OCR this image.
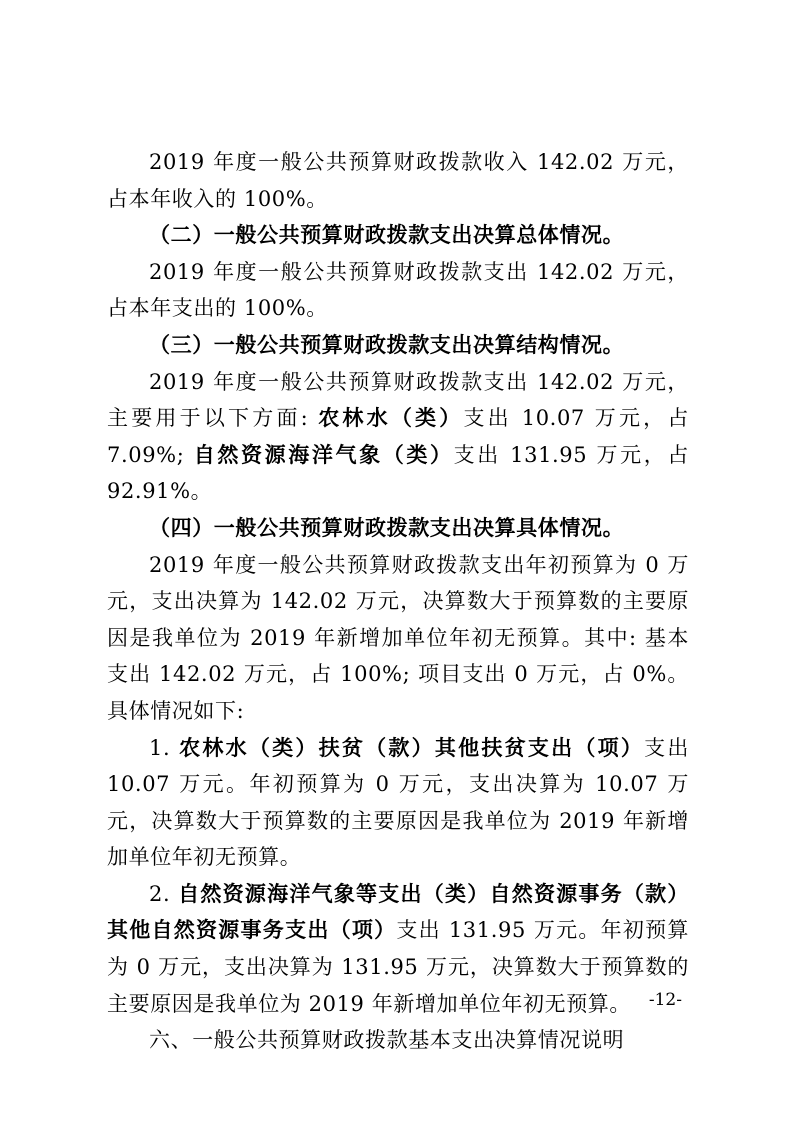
2019 年度一般公共预算财政拨款收入 142.02 万元，占本年收入的 100%。

（二）一般公共预算财政拨款支出决算总体情况。

2019 年度一般公共预算财政拨款支出 142.02 万元，占本年支出的 100%。

（三）一般公共预算财政拨款支出决算结构情况。

2019 年度一般公共预算财政拨款支出 142.02 万元，主要用于以下方面: 农林水（类）支出 10.07 万元，占 7.09%; 自然资源海洋气象（类）支出 131.95 万元，占 92.91%。

（四）一般公共预算财政拨款支出决算具体情况。

2019 年度一般公共预算财政拨款支出年初预算为 0 万元，支出决算为 142.02 万元，决算数大于预算数的主要原因是我单位为 2019 年新增加单位年初无预算。其中: 基本支出 142.02 万元，占 100%; 项目支出 0 万元，占 0%。具体情况如下:

1. 农林水（类）扶贫（款）其他扶贫支出（项）支出 10.07 万元。年初预算为 0 万元，支出决算为 10.07 万元，决算数大于预算数的主要原因是我单位为 2019 年新增加单位年初无预算。

2. 自然资源海洋气象等支出（类）自然资源事务（款）其他自然资源事务支出（项）支出 131.95 万元。年初预算为 0 万元，支出决算为 131.95 万元，决算数大于预算数的主要原因是我单位为 2019 年新增加单位年初无预算。

六、一般公共预算财政拨款基本支出决算情况说明

-12-
